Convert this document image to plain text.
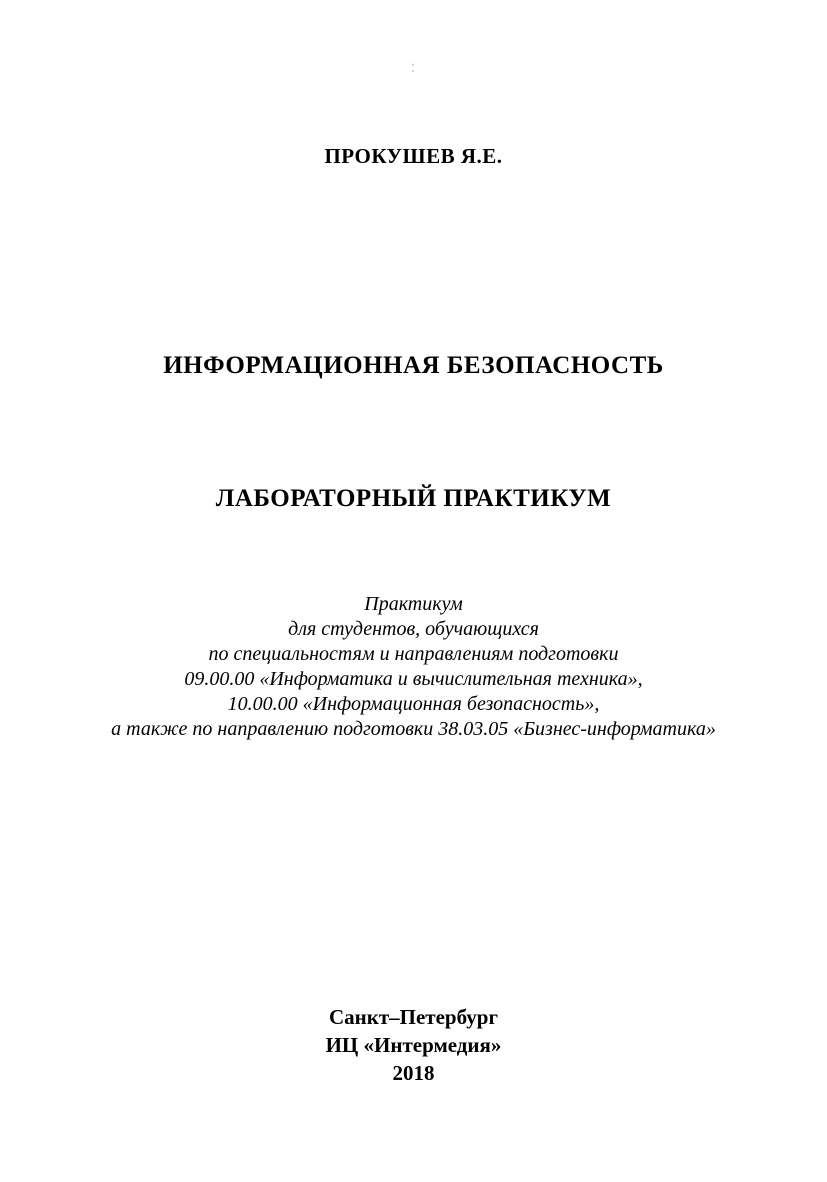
:
ПРОКУШЕВ Я.Е.
ИНФОРМАЦИОННАЯ БЕЗОПАСНОСТЬ
ЛАБОРАТОРНЫЙ ПРАКТИКУМ
Практикум
для студентов, обучающихся
по специальностям и направлениям подготовки
09.00.00 «Информатика и вычислительная техника»,
10.00.00 «Информационная безопасность»,
а также по направлению подготовки 38.03.05 «Бизнес-информатика»
Санкт–Петербург
ИЦ «Интермедия»
2018
